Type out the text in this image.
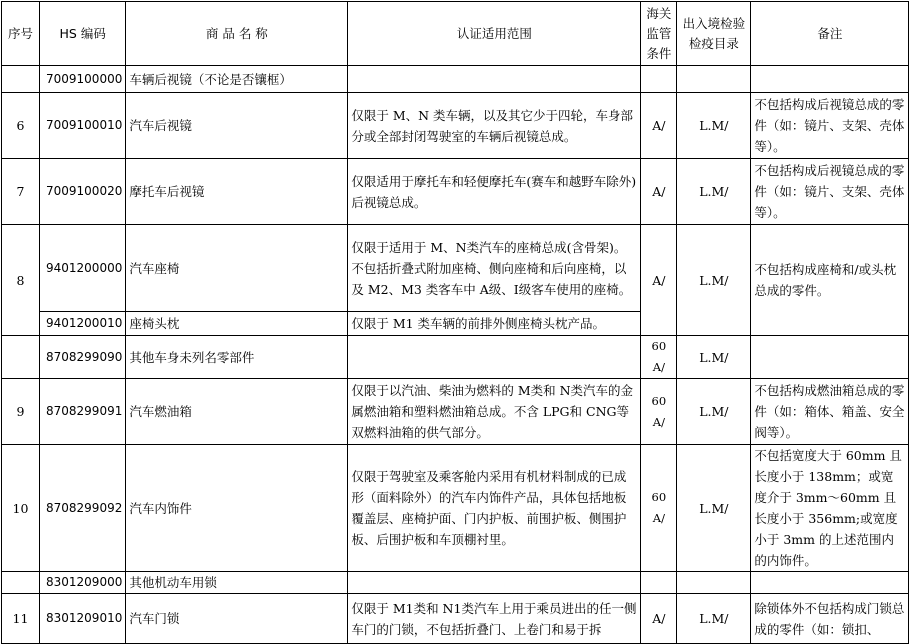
序号	HS 编码	商 品 名 称	认证适用范围	海关监管条件	出入境检验检疫目录	备注
	7009100000	车辆后视镜（不论是否镶框）				
6	7009100010	汽车后视镜	仅限于 M、N 类车辆，以及其它少于四轮，车身部分或全部封闭驾驶室的车辆后视镜总成。	A/	L.M/	不包括构成后视镜总成的零件（如：镜片、支架、壳体等）。
7	7009100020	摩托车后视镜	仅限适用于摩托车和轻便摩托车(赛车和越野车除外)后视镜总成。	A/	L.M/	不包括构成后视镜总成的零件（如：镜片、支架、壳体等）。
8	9401200000	汽车座椅	仅限于适用于 M、N类汽车的座椅总成(含骨架)。不包括折叠式附加座椅、侧向座椅和后向座椅，以及 M2、M3 类客车中 A级、I级客车使用的座椅。	A/	L.M/	不包括构成座椅和/或头枕总成的零件。
	9401200010	座椅头枕	仅限于 M1 类车辆的前排外侧座椅头枕产品。			
	8708299090	其他车身未列名零部件		60 A/	L.M/	
9	8708299091	汽车燃油箱	仅限于以汽油、柴油为燃料的 M类和 N类汽车的金属燃油箱和塑料燃油箱总成。不含 LPG和 CNG等双燃料油箱的供气部分。	60 A/	L.M/	不包括构成燃油箱总成的零件（如：箱体、箱盖、安全阀等）。
10	8708299092	汽车内饰件	仅限于驾驶室及乘客舱内采用有机材料制成的已成形（面料除外）的汽车内饰件产品，具体包括地板覆盖层、座椅护面、门内护板、前围护板、侧围护板、后围护板和车顶棚衬里。	60 A/	L.M/	不包括宽度大于 60mm 且长度小于 138mm；或宽度介于 3mm～60mm 且长度小于 356mm;或宽度小于 3mm 的上述范围内的内饰件。
	8301209000	其他机动车用锁				
11	8301209010	汽车门锁	仅限于 M1类和 N1类汽车上用于乘员进出的任一侧车门的门锁，不包括折叠门、上卷门和易于拆	A/	L.M/	除锁体外不包括构成门锁总成的零件（如：锁扣、
